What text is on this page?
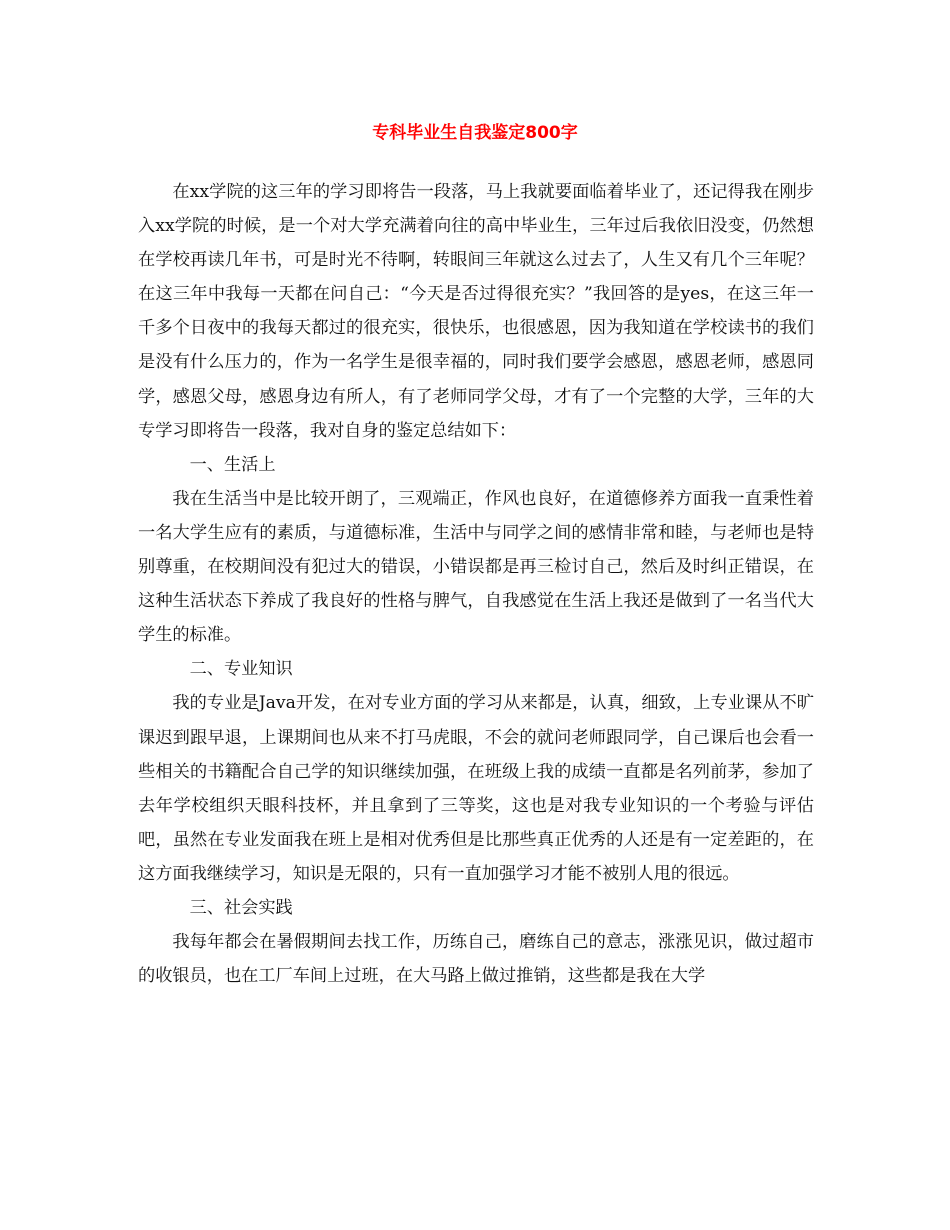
专科毕业生自我鉴定800字

在xx学院的这三年的学习即将告一段落，马上我就要面临着毕业了，还记得我在刚步入xx学院的时候，是一个对大学充满着向往的高中毕业生，三年过后我依旧没变，仍然想在学校再读几年书，可是时光不待啊，转眼间三年就这么过去了，人生又有几个三年呢？在这三年中我每一天都在问自己：“今天是否过得很充实？”我回答的是yes，在这三年一千多个日夜中的我每天都过的很充实，很快乐，也很感恩，因为我知道在学校读书的我们是没有什么压力的，作为一名学生是很幸福的，同时我们要学会感恩，感恩老师，感恩同学，感恩父母，感恩身边有所人，有了老师同学父母，才有了一个完整的大学，三年的大专学习即将告一段落，我对自身的鉴定总结如下：

一、生活上

我在生活当中是比较开朗了，三观端正，作风也良好，在道德修养方面我一直秉性着一名大学生应有的素质，与道德标准，生活中与同学之间的感情非常和睦，与老师也是特别尊重，在校期间没有犯过大的错误，小错误都是再三检讨自己，然后及时纠正错误，在这种生活状态下养成了我良好的性格与脾气，自我感觉在生活上我还是做到了一名当代大学生的标准。

二、专业知识

我的专业是Java开发，在对专业方面的学习从来都是，认真，细致，上专业课从不旷课迟到跟早退，上课期间也从来不打马虎眼，不会的就问老师跟同学，自己课后也会看一些相关的书籍配合自己学的知识继续加强，在班级上我的成绩一直都是名列前茅，参加了去年学校组织天眼科技杯，并且拿到了三等奖，这也是对我专业知识的一个考验与评估吧，虽然在专业发面我在班上是相对优秀但是比那些真正优秀的人还是有一定差距的，在这方面我继续学习，知识是无限的，只有一直加强学习才能不被别人甩的很远。

三、社会实践

我每年都会在暑假期间去找工作，历练自己，磨练自己的意志，涨涨见识，做过超市的收银员，也在工厂车间上过班，在大马路上做过推销，这些都是我在大学
